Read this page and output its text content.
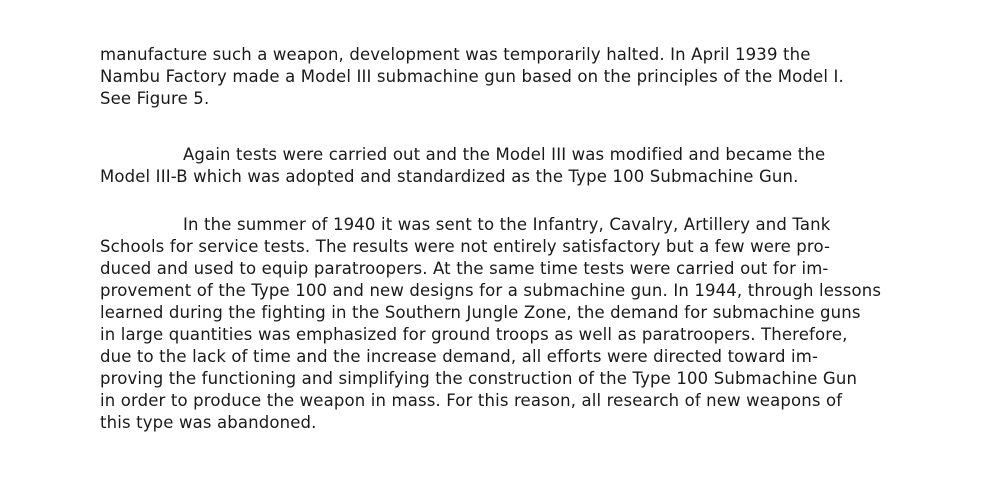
manufacture such a weapon, development was temporarily halted. In April 1939 the
Nambu Factory made a Model III submachine gun based on the principles of the Model I.
See Figure 5.
Again tests were carried out and the Model III was modified and became the
Model III-B which was adopted and standardized as the Type 100 Submachine Gun.
In the summer of 1940 it was sent to the Infantry, Cavalry, Artillery and Tank
Schools for service tests. The results were not entirely satisfactory but a few were pro-
duced and used to equip paratroopers. At the same time tests were carried out for im-
provement of the Type 100 and new designs for a submachine gun. In 1944, through lessons
learned during the fighting in the Southern Jungle Zone, the demand for submachine guns
in large quantities was emphasized for ground troops as well as paratroopers. Therefore,
due to the lack of time and the increase demand, all efforts were directed toward im-
proving the functioning and simplifying the construction of the Type 100 Submachine Gun
in order to produce the weapon in mass. For this reason, all research of new weapons of
this type was abandoned.
